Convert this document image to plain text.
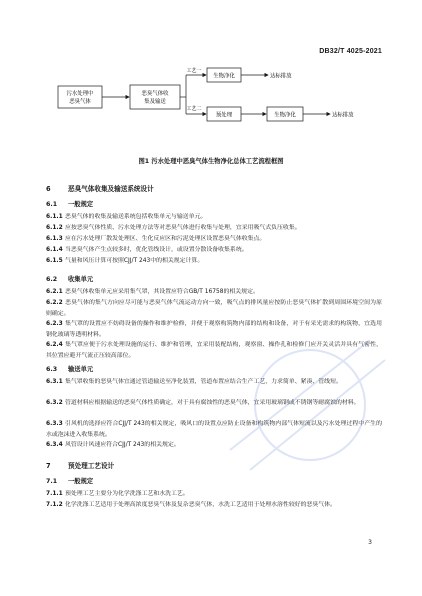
DB32/T 4025-2021
污水处理中
恶臭气体
恶臭气体收
集及输送
工艺一
生物净化	达标排放
工艺二
预处理	生物净化	达标排放
图1 污水处理中恶臭气体生物净化总体工艺流程框图
6	恶臭气体收集及输送系统设计
6.1 一般规定
6.1.1 恶臭气体的收集及输送系统包括收集单元与输送单元。
6.1.2 应按恶臭气体性质、污水处理方法等对恶臭气体进行收集与处理，宜采用吸气式负压收集。
6.1.3 应在污水处理厂散发处理区、生化反应区和污泥处理区设置恶臭气体收集点。
6.1.4 当恶臭气体产生点较多时，优化管线设计，或设置分散设备收集系统。
6.1.5 气量和风压计算可按照CJJ/T 243中的相关规定计算。
6.2 收集单元
6.2.1 恶臭气体收集单元应采用集气罩，其设置应符合GB/T 16758的相关规定。
6.2.2 恶臭气体的集气方向应尽可能与恶臭气体气流运动方向一致，吸气点的排风量应按防止恶臭气体扩散到周围环境空间为原则确定。
6.2.3 集气罩的设置应不妨碍设备的操作和维护检修，并便于观察构筑物内部的结构和设备，对于有采光需求的构筑物，宜选用钢化玻璃等透明材料。
6.2.4 集气罩应便于污水处理设施的运行、维护和管理，宜采用装配结构，观察窗、操作孔和检修门应开关灵活并具有气密性，其位置应避开气流正压较高部位。
6.3 输送单元
6.3.1 集气罩收集的恶臭气体宜通过管道输送至净化装置，管道布置应结合生产工艺，力求简单、紧凑、管线短。
6.3.2 管道材料应根据输送的恶臭气体性质确定，对于具有腐蚀性的恶臭气体，宜采用玻璃钢或不锈钢等耐腐蚀的材料。
6.3.3 引风机的选择应符合CJJ/T 243的相关规定，吸风口的设置点应防止设备和构筑物内部气体短流以及污水处理过程中产生的水或泡沫进入收集系统。
6.3.4 风管设计风速应符合CJJ/T 243的相关规定。
7	预处理工艺设计
7.1 一般规定
7.1.1 预处理工艺主要分为化学洗涤工艺和水洗工艺。
7.1.2 化学洗涤工艺适用于处理高浓度恶臭气体及复杂恶臭气体，水洗工艺适用于处理水溶性较好的恶臭气体。
3
